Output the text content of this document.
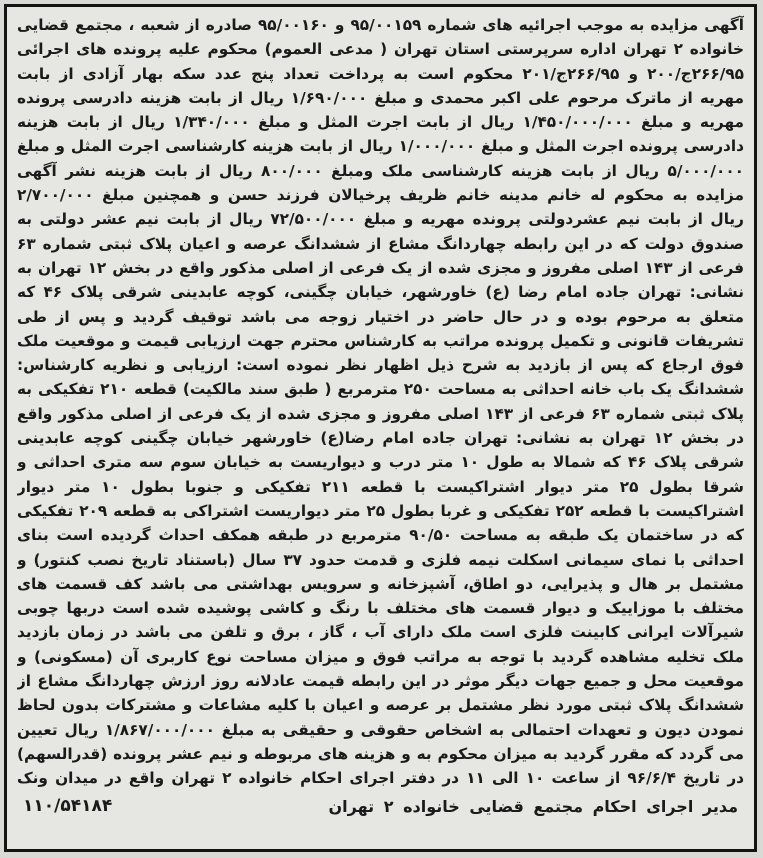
آگهی مزایده به موجب اجرائیه های شماره ۹۵/۰۰۱۵۹ و ۹۵/۰۰۱۶۰ صادره از شعبه ، مجتمع قضایی خانواده ۲ تهران اداره سرپرستی استان تهران ( مدعی العموم) محکوم علیه پرونده های اجرائی ۲۶۶/۹۵ج/۲۰۰ و ۲۶۶/۹۵ج/۲۰۱ محکوم است به پرداخت تعداد پنج عدد سکه بهار آزادی از بابت مهریه از ماترک مرحوم علی اکبر محمدی و مبلغ ۱/۶۹۰/۰۰۰ ریال از بابت هزینه دادرسی پرونده مهریه و مبلغ ۱/۴۵۰/۰۰۰/۰۰۰ ریال از بابت اجرت المثل و مبلغ ۱/۳۴۰/۰۰۰ ریال از بابت هزینه دادرسی پرونده اجرت المثل و مبلغ ۱/۰۰۰/۰۰۰ ریال از بابت هزینه کارشناسی اجرت المثل و مبلغ ۵/۰۰۰/۰۰۰ ریال از بابت هزینه کارشناسی ملک ومبلغ ۸۰۰/۰۰۰ ریال از بابت هزینه نشر آگهی مزایده به محکوم له خانم مدینه خانم ظریف پرخیالان فرزند حسن و همچنین مبلغ ۲/۷۰۰/۰۰۰ ریال از بابت نیم عشردولتی پرونده مهریه و مبلغ ۷۲/۵۰۰/۰۰۰ ریال از بابت نیم عشر دولتی به صندوق دولت که در این رابطه چهاردانگ مشاع از ششدانگ عرصه و اعیان پلاک ثبتی شماره ۶۳ فرعی از ۱۴۳ اصلی مفروز و مجزی شده از یک فرعی از اصلی مذکور واقع در بخش ۱۲ تهران به نشانی: تهران جاده امام رضا (ع) خاورشهر، خیابان چگینی، کوچه عابدینی شرقی پلاک ۴۶ که متعلق به مرحوم بوده و در حال حاضر در اختیار زوجه می باشد توقیف گردید و پس از طی تشریفات قانونی و تکمیل پرونده مراتب به کارشناس محترم جهت ارزیابی قیمت و موقعیت ملک فوق ارجاع که پس از بازدید به شرح ذیل اظهار نظر نموده است: ارزیابی و نظریه کارشناس: ششدانگ یک باب خانه احداثی به مساحت ۲۵۰ مترمربع ( طبق سند مالکیت) قطعه ۲۱۰ تفکیکی به پلاک ثبتی شماره ۶۳ فرعی از ۱۴۳ اصلی مفروز و مجزی شده از یک فرعی از اصلی مذکور واقع در بخش ۱۲ تهران به نشانی: تهران جاده امام رضا(ع) خاورشهر خیابان چگینی کوچه عابدینی شرقی پلاک ۴۶ که شمالا به طول ۱۰ متر درب و دیواریست به خیابان سوم سه متری احداثی و شرقا بطول ۲۵ متر دیوار اشتراکیست با قطعه ۲۱۱ تفکیکی و جنوبا بطول ۱۰ متر دیوار اشتراکیست با قطعه ۲۵۲ تفکیکی و غربا بطول ۲۵ متر دیواریست اشتراکی به قطعه ۲۰۹ تفکیکی که در ساختمان یک طبقه به مساحت ۹۰/۵۰ مترمربع در طبقه همکف احداث گردیده است بنای احداثی با نمای سیمانی اسکلت نیمه فلزی و قدمت حدود ۳۷ سال (باستناد تاریخ نصب کنتور) و مشتمل بر هال و پذیرایی، دو اطاق، آشپزخانه و سرویس بهداشتی می باشد کف قسمت های مختلف با موزاییک و دیوار قسمت های مختلف با رنگ و کاشی پوشیده شده است دربها چوبی شیرآلات ایرانی کابینت فلزی است ملک دارای آب ، گاز ، برق و تلفن می باشد در زمان بازدید ملک تخلیه مشاهده گردید با توجه به مراتب فوق و میزان مساحت نوع کاربری آن (مسکونی) و موقعیت محل و جمیع جهات دیگر موثر در این رابطه قیمت عادلانه روز ارزش چهاردانگ مشاع از ششدانگ پلاک ثبتی مورد نظر مشتمل بر عرصه و اعیان با کلیه مشاعات و مشترکات بدون لحاظ نمودن دیون و تعهدات احتمالی به اشخاص حقوقی و حقیقی به مبلغ ۱/۸۶۷/۰۰۰/۰۰۰ ریال تعیین می گردد که مقرر گردید به میزان محکوم به و هزینه های مربوطه و نیم عشر پرونده (قدرالسهم) در تاریخ ۹۶/۶/۴ از ساعت ۱۰ الی ۱۱ در دفتر اجرای احکام خانواده ۲ تهران واقع در میدان ونک

مدیر اجرای احکام مجتمع قضایی خانواده ۲ تهران
۱۱۰/۵۴۱۸۴
